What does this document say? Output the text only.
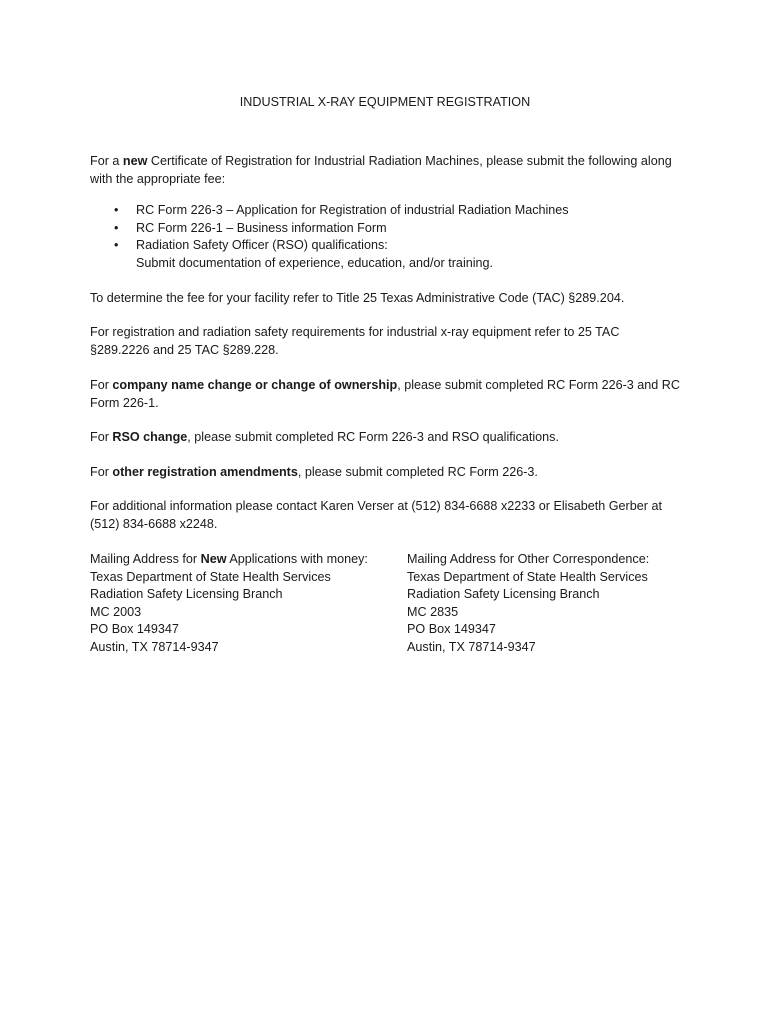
INDUSTRIAL X-RAY EQUIPMENT REGISTRATION

For a new Certificate of Registration for Industrial Radiation Machines, please submit the following along with the appropriate fee:

• RC Form 226-3 – Application for Registration of industrial Radiation Machines
• RC Form 226-1 – Business information Form
• Radiation Safety Officer (RSO) qualifications:
Submit documentation of experience, education, and/or training.

To determine the fee for your facility refer to Title 25 Texas Administrative Code (TAC) §289.204.

For registration and radiation safety requirements for industrial x-ray equipment refer to 25 TAC §289.2226 and 25 TAC §289.228.

For company name change or change of ownership, please submit completed RC Form 226-3 and RC Form 226-1.

For RSO change, please submit completed RC Form 226-3 and RSO qualifications.

For other registration amendments, please submit completed RC Form 226-3.

For additional information please contact Karen Verser at (512) 834-6688 x2233 or Elisabeth Gerber at (512) 834-6688 x2248.

Mailing Address for New Applications with money:
Texas Department of State Health Services
Radiation Safety Licensing Branch
MC 2003
PO Box 149347
Austin, TX 78714-9347
Mailing Address for Other Correspondence:
Texas Department of State Health Services
Radiation Safety Licensing Branch
MC 2835
PO Box 149347
Austin, TX 78714-9347
